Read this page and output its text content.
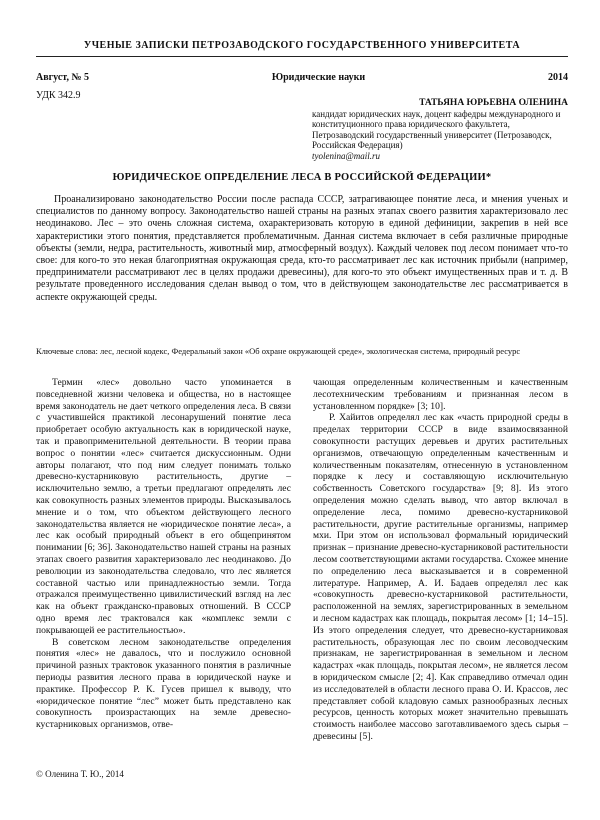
УЧЕНЫЕ ЗАПИСКИ ПЕТРОЗАВОДСКОГО ГОСУДАРСТВЕННОГО УНИВЕРСИТЕТА
Август, № 5	Юридические науки	2014
УДК 342.9
ТАТЬЯНА ЮРЬЕВНА ОЛЕНИНА
кандидат юридических наук, доцент кафедры международного и конституционного права юридического факультета, Петрозаводский государственный университет (Петрозаводск, Российская Федерация)
tyolenina@mail.ru
ЮРИДИЧЕСКОЕ ОПРЕДЕЛЕНИЕ ЛЕСА В РОССИЙСКОЙ ФЕДЕРАЦИИ*
Проанализировано законодательство России после распада СССР, затрагивающее понятие леса, и мнения ученых и специалистов по данному вопросу. Законодательство нашей страны на разных этапах своего развития характеризовало лес неодинаково. Лес – это очень сложная система, охарактеризовать которую в единой дефиниции, закрепив в ней все характеристики этого понятия, представляется проблематичным. Данная система включает в себя различные природные объекты (земли, недра, растительность, животный мир, атмосферный воздух). Каждый человек под лесом понимает что-то свое: для кого-то это некая благоприятная окружающая среда, кто-то рассматривает лес как источник прибыли (например, предприниматели рассматривают лес в целях продажи древесины), для кого-то это объект имущественных прав и т. д. В результате проведенного исследования сделан вывод о том, что в действующем законодательстве лес рассматривается в аспекте окружающей среды.
Ключевые слова: лес, лесной кодекс, Федеральный закон «Об охране окружающей среде», экологическая система, природный ресурс

Термин «лес» довольно часто упоминается в повседневной жизни человека и общества, но в настоящее время законодатель не дает четкого определения леса. В связи с участившейся практикой лесонарушений понятие леса приобретает особую актуальность как в юридической науке, так и правоприменительной деятельности. В теории права вопрос о понятии «лес» считается дискуссионным. Одни авторы полагают, что под ним следует понимать только древесно-кустарниковую растительность, другие – исключительно землю, а третьи предлагают определять лес как совокупность разных элементов природы. Высказывалось мнение и о том, что объектом действующего лесного законодательства является не «юридическое понятие леса», а лес как особый природный объект в его общепринятом понимании [6; 36]. Законодательство нашей страны на разных этапах своего развития характеризовало лес неодинаково. До революции из законодательства следовало, что лес является составной частью или принадлежностью земли. Тогда отражался преимущественно цивилистический взгляд на лес как на объект гражданско-правовых отношений. В СССР одно время лес трактовался как «комплекс земли с покрывающей ее растительностью».

В советском лесном законодательстве определения понятия «лес» не давалось, что и послужило основной причиной разных трактовок указанного понятия в различные периоды развития лесного права в юридической науке и практике. Профессор Р. К. Гусев пришел к выводу, что «юридическое понятие “лес” может быть представлено как совокупность произрастающих на земле древесно-кустарниковых организмов, отве-

чающая определенным количественным и качественным лесотехническим требованиям и признанная лесом в установленном порядке» [3; 10].

Р. Хайитов определял лес как «часть природной среды в пределах территории СССР в виде взаимосвязанной совокупности растущих деревьев и других растительных организмов, отвечающую определенным качественным и количественным показателям, отнесенную в установленном порядке к лесу и составляющую исключительную собственность Советского государства» [9; 8]. Из этого определения можно сделать вывод, что автор включал в определение леса, помимо древесно-кустарниковой растительности, другие растительные организмы, например мхи. При этом он использовал формальный юридический признак – признание древесно-кустарниковой растительности лесом соответствующими актами государства. Схожее мнение по определению леса высказывается и в современной литературе. Например, А. И. Бадаев определял лес как «совокупность древесно-кустарниковой растительности, расположенной на землях, зарегистрированных в земельном и лесном кадастрах как площадь, покрытая лесом» [1; 14–15]. Из этого определения следует, что древесно-кустарниковая растительность, образующая лес по своим лесоводческим признакам, не зарегистрированная в земельном и лесном кадастрах «как площадь, покрытая лесом», не является лесом в юридическом смысле [2; 4]. Как справедливо отмечал один из исследователей в области лесного права О. И. Крассов, лес представляет собой кладовую самых разнообразных лесных ресурсов, ценность которых может значительно превышать стоимость наиболее массово заготавливаемого здесь сырья – древесины [5].

© Оленина Т. Ю., 2014
